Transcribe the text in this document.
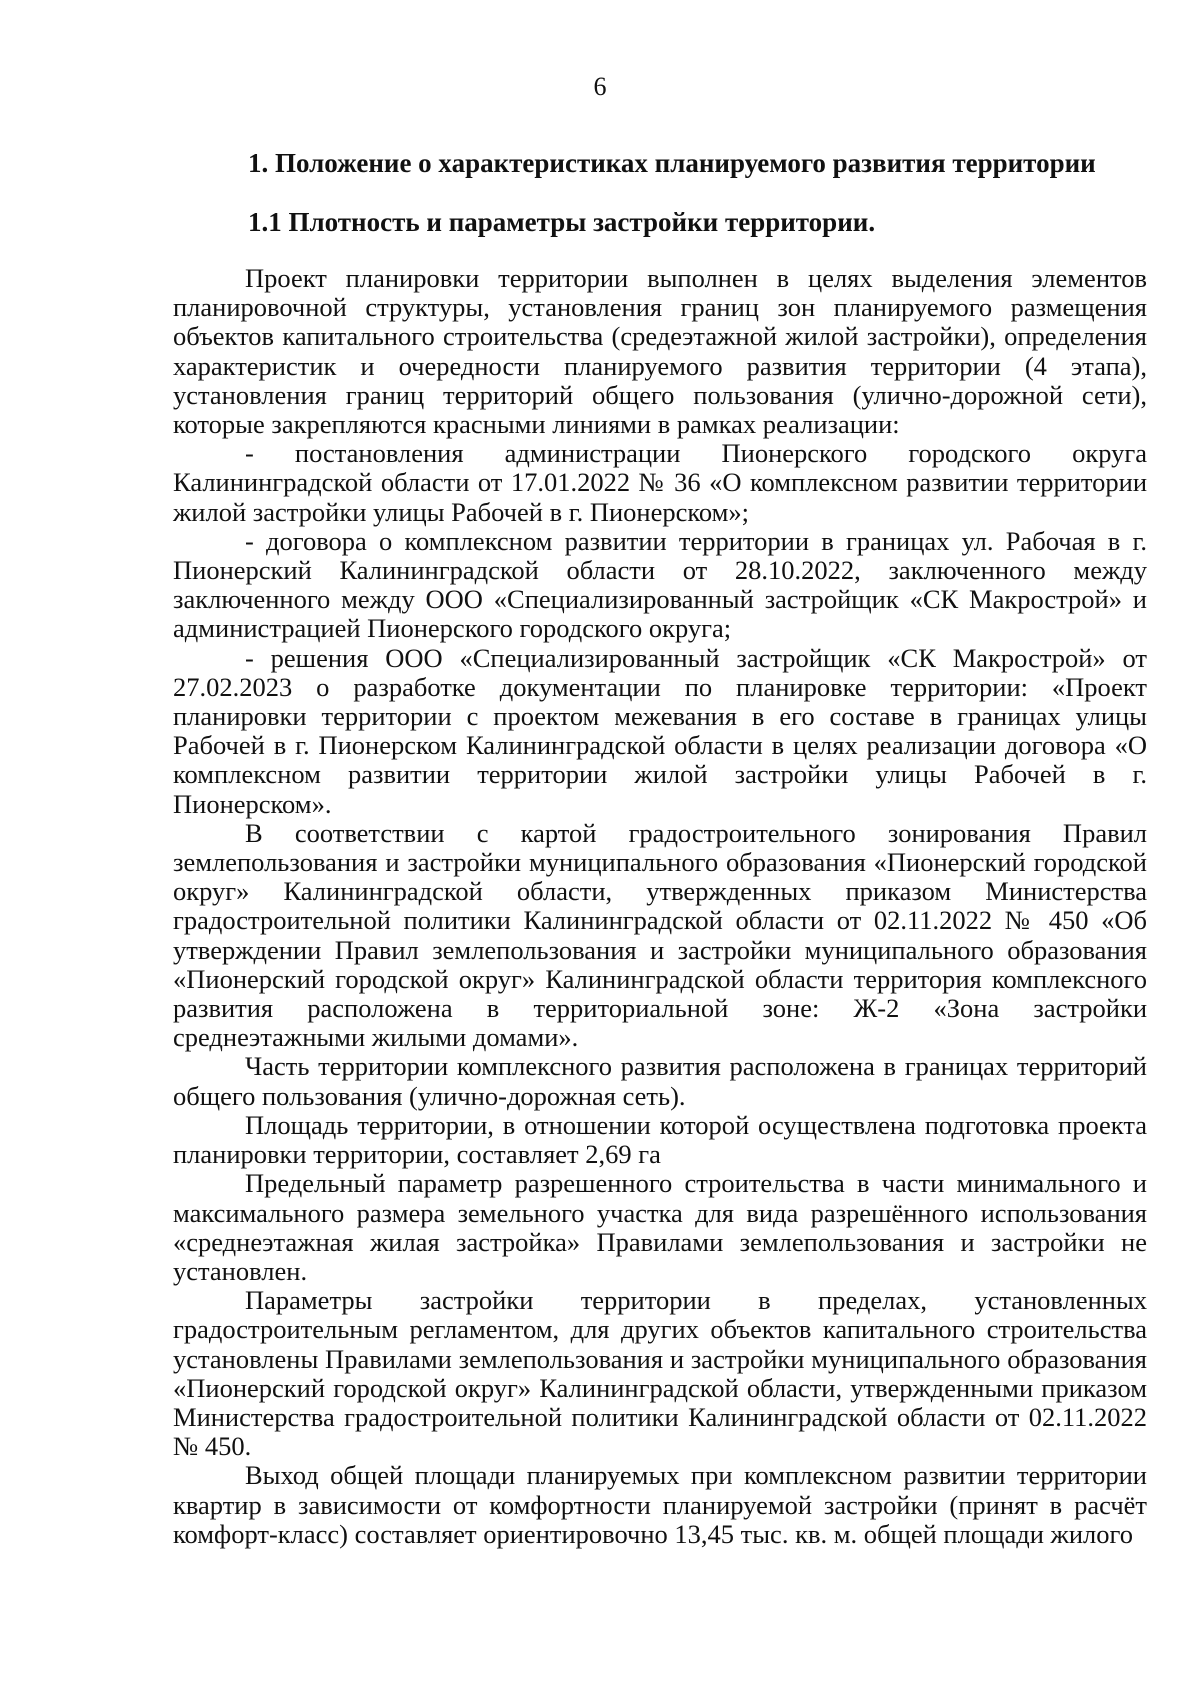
6
1. Положение о характеристиках планируемого развития территории
1.1 Плотность и параметры застройки территории.

Проект планировки территории выполнен в целях выделения элементов планировочной структуры, установления границ зон планируемого размещения объектов капитального строительства (средеэтажной жилой застройки), определения характеристик и очередности планируемого развития территории (4 этапа), установления границ территорий общего пользования (улично-дорожной сети), которые закрепляются красными линиями в рамках реализации:

- постановления администрации Пионерского городского округа Калининградской области от 17.01.2022 № 36 «О комплексном развитии территории жилой застройки улицы Рабочей в г. Пионерском»;

- договора о комплексном развитии территории в границах ул. Рабочая в г. Пионерский Калининградской области от 28.10.2022, заключенного между заключенного между ООО «Специализированный застройщик «СК Макрострой» и администрацией Пионерского городского округа;

- решения ООО «Специализированный застройщик «СК Макрострой» от 27.02.2023 о разработке документации по планировке территории: «Проект планировки территории с проектом межевания в его составе в границах улицы Рабочей в г. Пионерском Калининградской области в целях реализации договора «О комплексном развитии территории жилой застройки улицы Рабочей в г. Пионерском».

В соответствии с картой градостроительного зонирования Правил землепользования и застройки муниципального образования «Пионерский городской округ» Калининградской области, утвержденных приказом Министерства градостроительной политики Калининградской области от 02.11.2022 № 450 «Об утверждении Правил землепользования и застройки муниципального образования «Пионерский городской округ» Калининградской области территория комплексного развития расположена в территориальной зоне: Ж-2 «Зона застройки среднеэтажными жилыми домами».

Часть территории комплексного развития расположена в границах территорий общего пользования (улично-дорожная сеть).

Площадь территории, в отношении которой осуществлена подготовка проекта планировки территории, составляет 2,69 га

Предельный параметр разрешенного строительства в части минимального и максимального размера земельного участка для вида разрешённого использования «среднеэтажная жилая застройка» Правилами землепользования и застройки не установлен.

Параметры застройки территории в пределах, установленных градостроительным регламентом, для других объектов капитального строительства установлены Правилами землепользования и застройки муниципального образования «Пионерский городской округ» Калининградской области, утвержденными приказом Министерства градостроительной политики Калининградской области от 02.11.2022 № 450.

Выход общей площади планируемых при комплексном развитии территории квартир в зависимости от комфортности планируемой застройки (принят в расчёт комфорт-класс) составляет ориентировочно 13,45 тыс. кв. м. общей площади жилого
